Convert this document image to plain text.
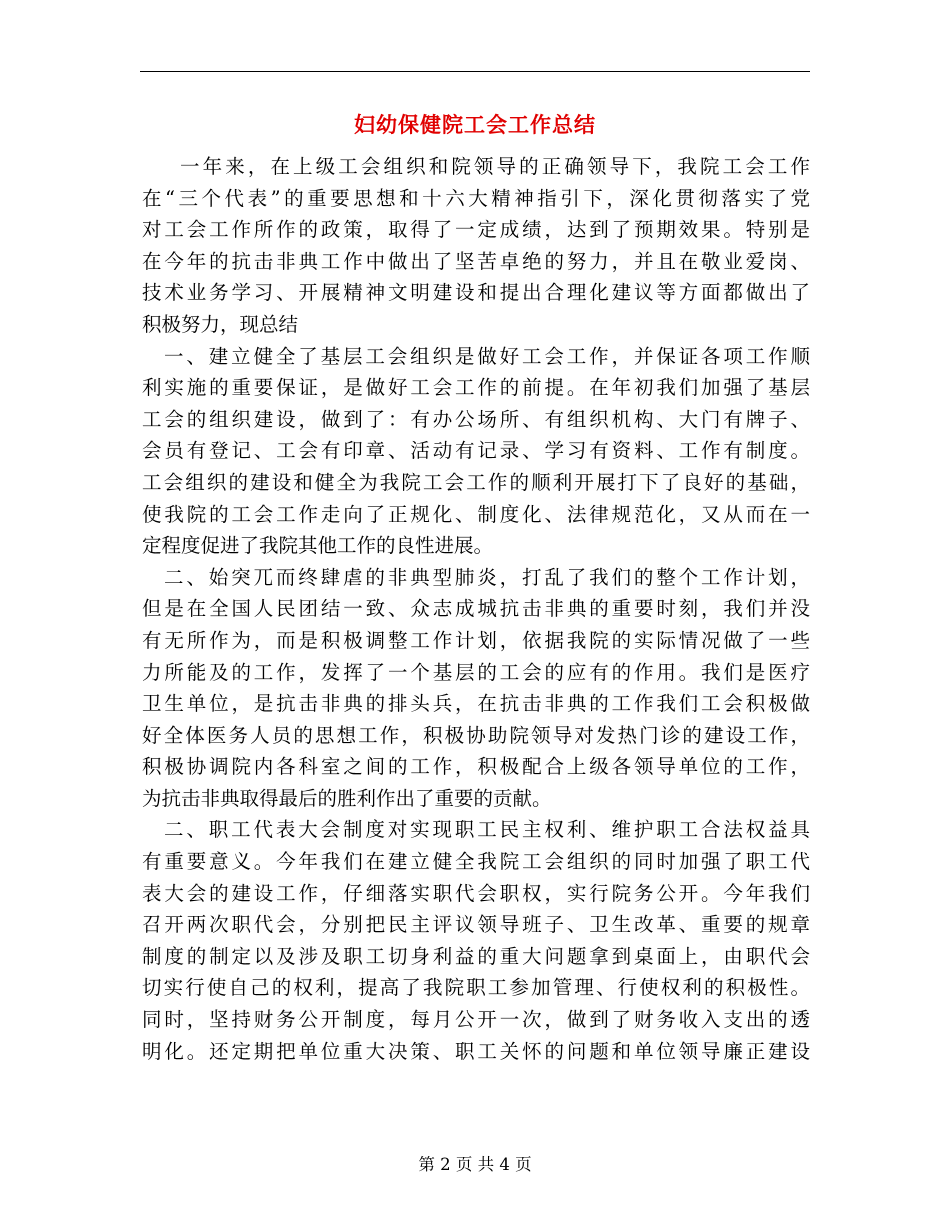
妇幼保健院工会工作总结
一年来，在上级工会组织和院领导的正确领导下，我院工会工作
在“三个代表”的重要思想和十六大精神指引下，深化贯彻落实了党
对工会工作所作的政策，取得了一定成绩，达到了预期效果。特别是
在今年的抗击非典工作中做出了坚苦卓绝的努力，并且在敬业爱岗、
技术业务学习、开展精神文明建设和提出合理化建议等方面都做出了
积极努力，现总结
一、建立健全了基层工会组织是做好工会工作，并保证各项工作顺
利实施的重要保证，是做好工会工作的前提。在年初我们加强了基层
工会的组织建设，做到了：有办公场所、有组织机构、大门有牌子、
会员有登记、工会有印章、活动有记录、学习有资料、工作有制度。
工会组织的建设和健全为我院工会工作的顺利开展打下了良好的基础，
使我院的工会工作走向了正规化、制度化、法律规范化，又从而在一
定程度促进了我院其他工作的良性进展。
二、始突兀而终肆虐的非典型肺炎，打乱了我们的整个工作计划，
但是在全国人民团结一致、众志成城抗击非典的重要时刻，我们并没
有无所作为，而是积极调整工作计划，依据我院的实际情况做了一些
力所能及的工作，发挥了一个基层的工会的应有的作用。我们是医疗
卫生单位，是抗击非典的排头兵，在抗击非典的工作我们工会积极做
好全体医务人员的思想工作，积极协助院领导对发热门诊的建设工作，
积极协调院内各科室之间的工作，积极配合上级各领导单位的工作，
为抗击非典取得最后的胜利作出了重要的贡献。
二、职工代表大会制度对实现职工民主权利、维护职工合法权益具
有重要意义。今年我们在建立健全我院工会组织的同时加强了职工代
表大会的建设工作，仔细落实职代会职权，实行院务公开。今年我们
召开两次职代会，分别把民主评议领导班子、卫生改革、重要的规章
制度的制定以及涉及职工切身利益的重大问题拿到桌面上，由职代会
切实行使自己的权利，提高了我院职工参加管理、行使权利的积极性。
同时，坚持财务公开制度，每月公开一次，做到了财务收入支出的透
明化。还定期把单位重大决策、职工关怀的问题和单位领导廉正建设
第 2 页 共 4 页
